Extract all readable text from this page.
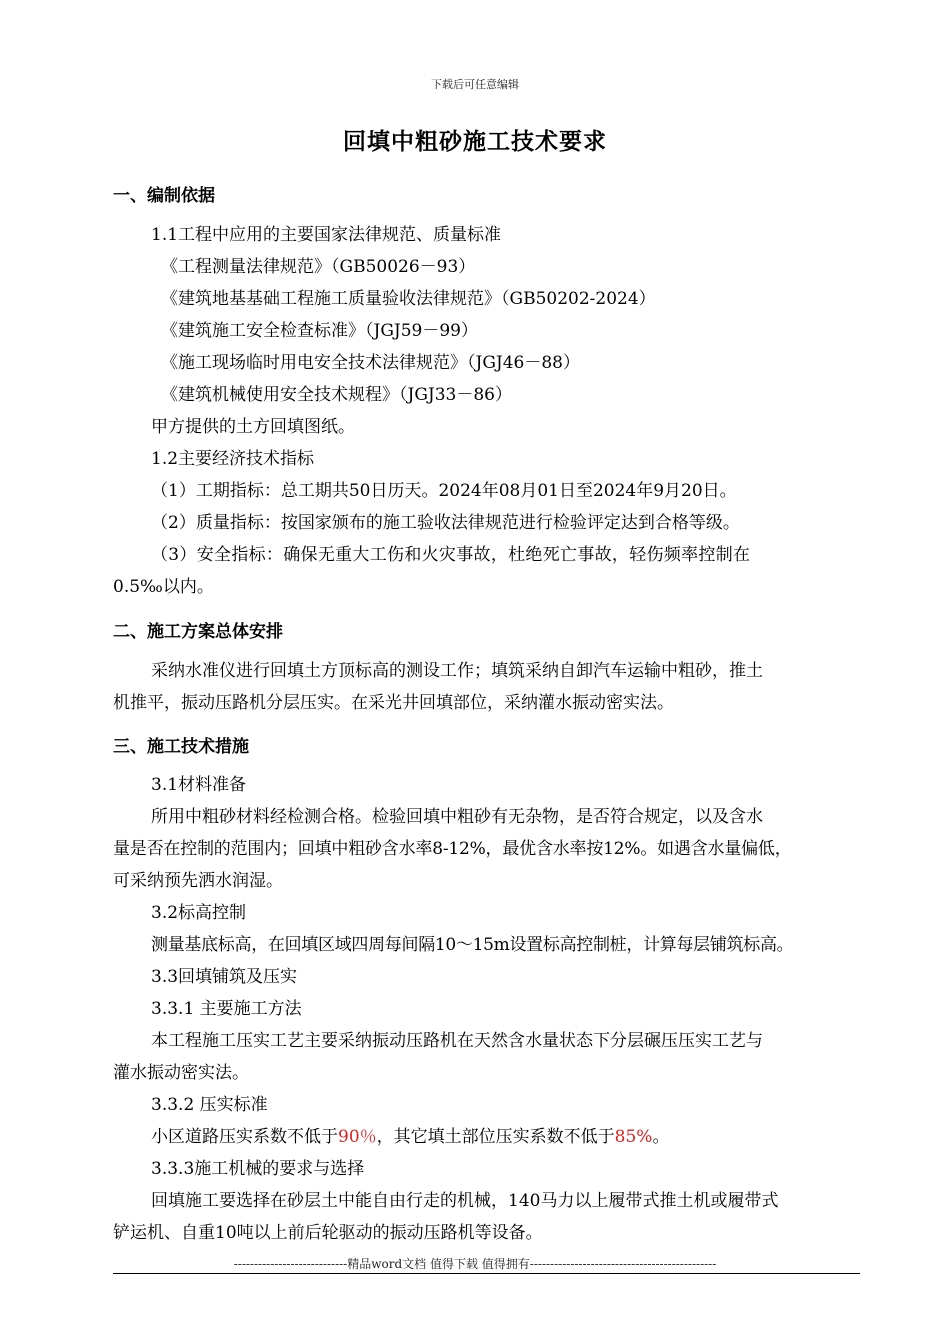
下载后可任意编辑
回填中粗砂施工技术要求
一、编制依据
1.1工程中应用的主要国家法律规范、质量标准
《工程测量法律规范》（GB50026－93）
《建筑地基基础工程施工质量验收法律规范》（GB50202-2024）
《建筑施工安全检查标准》（JGJ59－99）
《施工现场临时用电安全技术法律规范》（JGJ46－88）
《建筑机械使用安全技术规程》（JGJ33－86）
甲方提供的土方回填图纸。
1.2主要经济技术指标
（1）工期指标：总工期共50日历天。2024年08月01日至2024年9月20日。
（2）质量指标：按国家颁布的施工验收法律规范进行检验评定达到合格等级。
（3）安全指标：确保无重大工伤和火灾事故，杜绝死亡事故，轻伤频率控制在
0.5‰以内。
二、施工方案总体安排
采纳水准仪进行回填土方顶标高的测设工作；填筑采纳自卸汽车运输中粗砂，推土
机推平，振动压路机分层压实。在采光井回填部位，采纳灌水振动密实法。
三、施工技术措施
3.1材料准备
所用中粗砂材料经检测合格。检验回填中粗砂有无杂物，是否符合规定，以及含水
量是否在控制的范围内；回填中粗砂含水率8-12%，最优含水率按12%。如遇含水量偏低，
可采纳预先洒水润湿。
3.2标高控制
测量基底标高，在回填区域四周每间隔10～15m设置标高控制桩，计算每层铺筑标高。
3.3回填铺筑及压实
3.3.1 主要施工方法
本工程施工压实工艺主要采纳振动压路机在天然含水量状态下分层碾压压实工艺与
灌水振动密实法。
3.3.2 压实标准
小区道路压实系数不低于90％，其它填土部位压实系数不低于85%。
3.3.3施工机械的要求与选择
回填施工要选择在砂层土中能自由行走的机械，140马力以上履带式推土机或履带式
铲运机、自重10吨以上前后轮驱动的振动压路机等设备。
----------------------------精品word文档 值得下载 值得拥有----------------------------------------------
